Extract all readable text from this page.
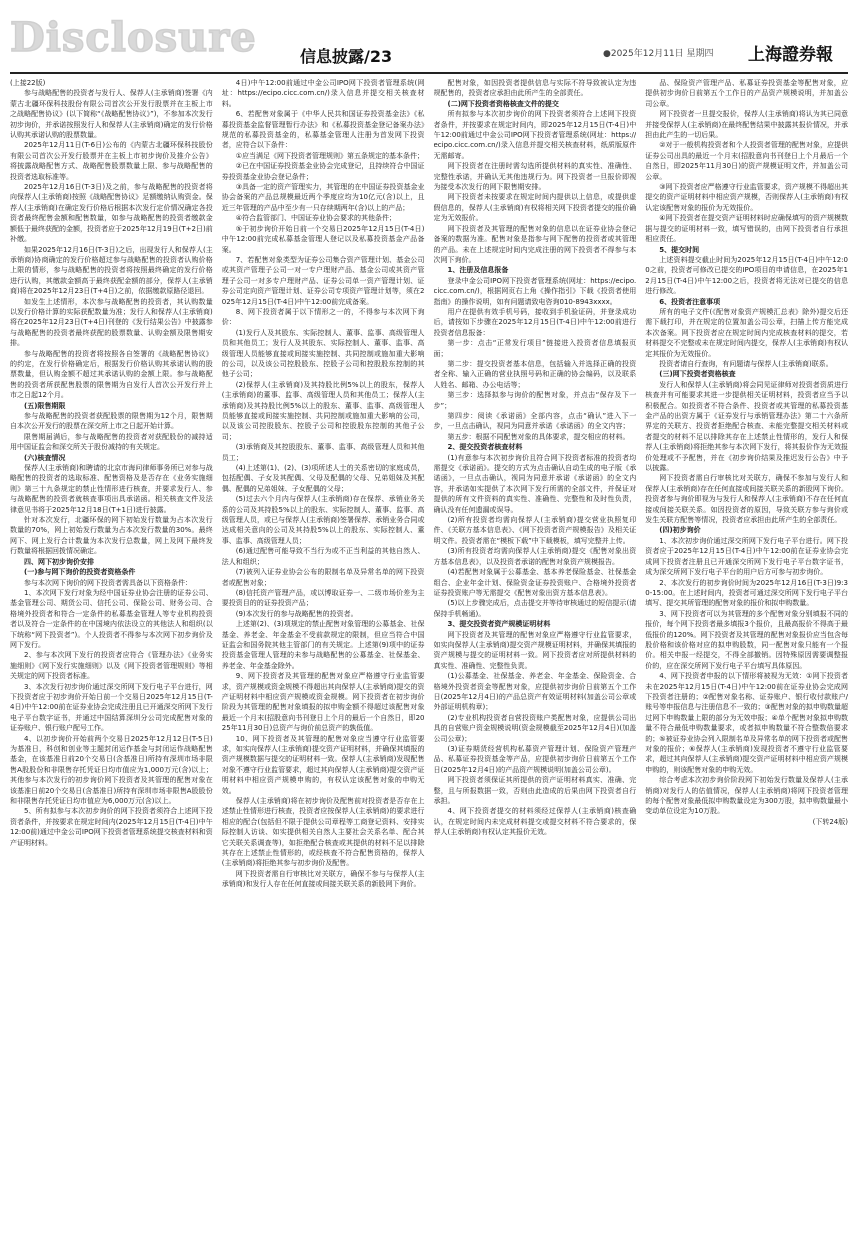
Disclosure	信息披露/23	●2025年12月11日 星期四 上海證券報

(上接22版)

参与战略配售的投资者与发行人、保荐人(主承销商)签署《内蒙古北疆环保科技股份有限公司首次公开发行股票并在主板上市之战略配售协议》(以下简称“《战略配售协议》”)，不参加本次发行初步询价，并承诺按照发行人和保荐人(主承销商)确定的发行价格认购其承诺认购的股票数量。

2025年12月11日(T-6日)公布的《内蒙古北疆环保科技股份有限公司首次公开发行股票并在主板上市初步询价及推介公告》将披露战略配售方式、战略配售股票数量上限、参与战略配售的投资者选取标准等。

2025年12月16日(T-3日)及之前，参与战略配售的投资者将向保荐人(主承销商)按照《战略配售协议》足额缴纳认购资金。保荐人(主承销商)在确定发行价格后根据本次发行定价情况确定各投资者最终配售金额和配售数量，如参与战略配售的投资者缴款金额低于最终获配的金额，投资者应于2025年12月19日(T+2日)前补缴。

如果2025年12月16日(T-3日)之后，出现发行人和保荐人(主承销商)协商确定的发行价格超过参与战略配售的投资者认购价格上限的情形，参与战略配售的投资者将按照最终确定的发行价格进行认购，其缴款金额高于最终获配金额的部分，保荐人(主承销商)将在2025年12月23日(T+4日)之前，依据缴款原路径退回。

如发生上述情形，本次参与战略配售的投资者，其认购数量以发行价格计算的实际获配数量为准；发行人和保荐人(主承销商)将在2025年12月23日(T+4日)刊登的《发行结果公告》中披露参与战略配售的投资者最终获配的股票数量、认购金额及限售期安排。

参与战略配售的投资者将按照各自签署的《战略配售协议》的约定，在发行价格确定后，根据发行价格认购其承诺认购的股票数量，但认购金额不超过其承诺认购的金额上限。参与战略配售的投资者所获配售股票的限售期为自发行人首次公开发行并上市之日起12个月。

(五)限售期限

参与战略配售的投资者获配股票的限售期为12个月，限售期自本次公开发行的股票在深交所上市之日起开始计算。

限售期届满后，参与战略配售的投资者对获配股份的减持适用中国证监会和深交所关于股份减持的有关规定。

(六)核查情况

保荐人(主承销商)和聘请的北京市海问律师事务所已对参与战略配售的投资者的选取标准、配售资格及是否存在《业务实施细则》第三十九条规定的禁止性情形进行核查，并要求发行人、参与战略配售的投资者就核查事项出具承诺函。相关核查文件及法律意见书将于2025年12月18日(T+1日)进行披露。

针对本次发行，北疆环保的网下初始发行数量为占本次发行数量的70%，网上初始发行数量为占本次发行数量的30%。最终网下、网上发行合计数量为本次发行总数量，网上及网下最终发行数量将根据回拨情况确定。

四、网下初步询价安排

(一)参与网下询价的投资者资格条件

参与本次网下询价的网下投资者需具备以下资格条件：

1、本次网下发行对象为经中国证券业协会注册的证券公司、基金管理公司、期货公司、信托公司、保险公司、财务公司、合格境外投资者和符合一定条件的私募基金管理人等专业机构投资者以及符合一定条件的在中国境内依法设立的其他法人和组织(以下统称“网下投资者”)。个人投资者不得参与本次网下初步询价及网下发行。

2、参与本次网下发行的投资者应符合《管理办法》《业务实施细则》《网下发行实施细则》以及《网下投资者管理规则》等相关规定的网下投资者标准。

3、本次发行初步询价通过深交所网下发行电子平台进行，网下投资者应于初步询价开始日前一个交易日2025年12月15日(T-4日)中午12:00前在证券业协会完成注册且已开通深交所网下发行电子平台数字证书，并通过中国结算深圳分公司完成配售对象的证券账户、银行账户配号工作。

4、以初步询价开始前两个交易日2025年12月12日(T-5日)为基准日，科创和创业等主题封闭运作基金与封闭运作战略配售基金，在该基准日前20个交易日(含基准日)所持有深圳市场非限售A股股份和非限售存托凭证日均市值应为1,000万元(含)以上；其他参与本次发行的初步询价网下投资者及其管理的配售对象在该基准日前20个交易日(含基准日)所持有深圳市场非限售A股股份和非限售存托凭证日均市值应为6,000万元(含)以上。

5、所有拟参与本次初步询价的网下投资者须符合上述网下投资者条件，并按要求在规定时间内(2025年12月15日(T-4日)中午12:00前)通过中金公司IPO网下投资者管理系统提交核查材料和资产证明材料。

4日)中午12:00前通过中金公司IPO网下投资者管理系统(网址：https://ecipo.cicc.com.cn/)录入信息并提交相关核查材料。

6、若配售对象属于《中华人民共和国证券投资基金法》《私募投资基金监督管理暂行办法》和《私募投资基金登记备案办法》规范的私募投资基金的，私募基金管理人注册为首发网下投资者，应符合以下条件：

①应当满足《网下投资者管理规则》第五条规定的基本条件；

②已在中国证券投资基金业协会完成登记，且持续符合中国证券投资基金业协会登记条件；

③具备一定的资产管理实力，其管理的在中国证券投资基金业协会备案的产品总规模最近两个季度应均为10亿元(含)以上，且近三年管理的产品中至少有一只存续期两年(含)以上的产品；

④符合监管部门、中国证券业协会要求的其他条件；

⑤于初步询价开始日前一个交易日2025年12月15日(T-4日)中午12:00前完成私募基金管理人登记以及私募投资基金产品备案。

7、若配售对象类型为证券公司集合资产管理计划、基金公司或其资产管理子公司一对一专户理财产品、基金公司或其资产管理子公司一对多专户理财产品、证券公司单一资产管理计划、证券公司定向资产管理计划、证券公司专项资产管理计划等，须在2025年12月15日(T-4日)中午12:00前完成备案。

8、网下投资者属于以下情形之一的，不得参与本次网下询价：

(1)发行人及其股东、实际控制人、董事、监事、高级管理人员和其他员工；发行人及其股东、实际控制人、董事、监事、高级管理人员能够直接或间接实施控制、共同控制或施加重大影响的公司，以及该公司控股股东、控股子公司和控股股东控制的其他子公司；

(2)保荐人(主承销商)及其持股比例5%以上的股东，保荐人(主承销商)的董事、监事、高级管理人员和其他员工；保荐人(主承销商)及其持股比例5%以上的股东、董事、监事、高级管理人员能够直接或间接实施控制、共同控制或施加重大影响的公司，以及该公司控股股东、控股子公司和控股股东控制的其他子公司；

(3)承销商及其控股股东、董事、监事、高级管理人员和其他员工；

(4)上述第(1)、(2)、(3)项所述人士的关系密切的家庭成员，包括配偶、子女及其配偶、父母及配偶的父母、兄弟姐妹及其配偶、配偶的兄弟姐妹、子女配偶的父母；

(5)过去六个月内与保荐人(主承销商)存在保荐、承销业务关系的公司及其持股5%以上的股东、实际控制人、董事、监事、高级管理人员，或已与保荐人(主承销商)签署保荐、承销业务合同或达成相关意向的公司及其持股5%以上的股东、实际控制人、董事、监事、高级管理人员；

(6)通过配售可能导致不当行为或不正当利益的其他自然人、法人和组织；

(7)被列入证券业协会公布的限制名单及异常名单的网下投资者或配售对象；

(8)信托资产管理产品，或以博取证券一、二级市场价差为主要投资目的的证券投资产品；

(9)本次发行的参与战略配售的投资者。

上述第(2)、(3)项规定的禁止配售对象管理的公募基金、社保基金、养老金、年金基金不受前款规定的限制，但应当符合中国证监会和国务院其他主管部门的有关规定。上述第(9)项中的证券投资基金管理人管理的未参与战略配售的公募基金、社保基金、养老金、年金基金除外。

9、网下投资者及其管理的配售对象应严格遵守行业监管要求，资产规模或资金规模不得超出其向保荐人(主承销商)提交的资产证明材料中相应资产规模或资金规模。网下投资者在初步询价阶段为其管理的配售对象填报的拟申购金额不得超过该配售对象最近一个月末(招股意向书刊登日上个月的最后一个自然日，即2025年11月30日)总资产与询价前总资产的孰低值。

10、网下投资者及其管理的配售对象应当遵守行业监管要求，如实向保荐人(主承销商)提交资产证明材料，并确保其填报的资产规模数据与提交的证明材料一致。保荐人(主承销商)发现配售对象不遵守行业监管要求，超过其向保荐人(主承销商)提交资产证明材料中相应资产规模申购的，有权认定该配售对象的申购无效。

保荐人(主承销商)将在初步询价及配售前对投资者是否存在上述禁止性情形进行核查，投资者应按保荐人(主承销商)的要求进行相应的配合(包括但不限于提供公司章程等工商登记资料、安排实际控制人访谈、如实提供相关自然人主要社会关系名单、配合其它关联关系调查等)，如拒绝配合核查或其提供的材料不足以排除其存在上述禁止性情形的，或经核查不符合配售资格的，保荐人(主承销商)将拒绝其参与初步询价及配售。

网下投资者需自行审核比对关联方，确保不参与与保荐人(主承销商)和发行人存在任何直接或间接关联关系的新股网下询价。

配售对象，如因投资者提供信息与实际不符导致被认定为违规配售的，投资者应承担由此所产生的全部责任。

(二)网下投资者资格核查文件的提交

所有拟参与本次初步询价的网下投资者须符合上述网下投资者条件，并按要求在规定时间内，即2025年12月15日(T-4日)中午12:00前通过中金公司IPO网下投资者管理系统(网址：https://ecipo.cicc.com.cn/)录入信息并提交相关核查材料，纸质版原件无需邮寄。

网下投资者在注册时需勾选所提供材料的真实性、准确性、完整性承诺，并确认无其他违规行为。网下投资者一旦报价即视为接受本次发行的网下限售期安排。

网下投资者未按要求在规定时间内提供以上信息，或提供虚假信息的，保荐人(主承销商)有权将相关网下投资者提交的报价确定为无效报价。

网下投资者及其管理的配售对象的信息以在证券业协会登记备案的数据为准。配售对象是指参与网下配售的投资者或其管理的产品。未在上述规定时间内完成注册的网下投资者不得参与本次网下询价。

1、注册及信息报备

登录中金公司IPO网下投资者管理系统(网址：https://ecipo.cicc.com.cn/)，根据网页右上角《操作指引》下载《投资者使用指南》的操作说明，如有问题请致电咨询010-8943xxxx。

用户在提供有效手机号码，接收到手机验证码，并登录成功后，请按如下步骤在2025年12月15日(T-4日)中午12:00前进行投资者信息报备：

第一步：点击“正常发行项目”链接进入投资者信息填报页面；

第二步：提交投资者基本信息，包括输入并选择正确的投资者全称、输入正确的营业执照号码和正确的协会编码，以及联系人姓名、邮箱、办公电话等；

第三步：选择拟参与询价的配售对象，并点击“保存及下一步”；

第四步：阅读《承诺函》全部内容，点击“确认”进入下一步，一旦点击确认，视同为同意并承诺《承诺函》的全文内容；

第五步：根据不同配售对象的具体要求，提交相应的材料。

2、提交投资者核查材料

(1)有意参与本次初步询价且符合网下投资者标准的投资者均需提交《承诺函》。提交的方式为点击确认自动生成的电子版《承诺函》，一旦点击确认，视同为同意并承诺《承诺函》的全文内容，并承诺如实提供了本次网下发行所需的全部文件，并保证对提供的所有文件资料的真实性、准确性、完整性和及时性负责，确认没有任何遗漏或误导。

(2)所有投资者均需向保荐人(主承销商)提交营业执照复印件、《关联方基本信息表》、《网下投资者资产规模报告》及相关证明文件。投资者需在“模板下载”中下载模板，填写完整并上传。

(3)所有投资者均需向保荐人(主承销商)提交《配售对象出资方基本信息表》，以及投资者承诺的配售对象资产规模报告。

(4)若配售对象属于公募基金、基本养老保险基金、社保基金组合、企业年金计划、保险资金证券投资账户、合格境外投资者证券投资账户等无需提交《配售对象出资方基本信息表》。

(5)以上步骤完成后，点击提交并等待审核通过的短信提示(请保持手机畅通)。

3、提交投资者资产规模证明材料

网下投资者及其管理的配售对象应严格遵守行业监管要求，如实向保荐人(主承销商)提交资产规模证明材料，并确保其填报的资产规模与提交的证明材料一致。网下投资者应对所提供材料的真实性、准确性、完整性负责。

(1)公募基金、社保基金、养老金、年金基金、保险资金、合格境外投资者资金等配售对象，应提供初步询价日前第五个工作日(2025年12月4日)的产品总资产有效证明材料(加盖公司公章或外部证明机构章)；

(2)专业机构投资者自营投资账户类配售对象，应提供公司出具的自营账户资金规模说明(资金规模截至2025年12月4日)(加盖公司公章)；

(3)证券期货经营机构私募资产管理计划、保险资产管理产品、私募证券投资基金等产品，应提供初步询价日前第五个工作日(2025年12月4日)的产品资产规模说明(加盖公司公章)。

网下投资者须保证其所提供的资产证明材料真实、准确、完整，且与所报数据一致，否则由此造成的后果由网下投资者自行承担。

4、网下投资者提交的材料须经过保荐人(主承销商)核查确认，在规定时间内未完成材料提交或提交材料不符合要求的，保荐人(主承销商)有权认定其报价无效。

品、保险资产管理产品、私募证券投资基金等配售对象，应提供初步询价日前第五个工作日的产品资产规模说明，并加盖公司公章。

网下投资者一旦提交报价，保荐人(主承销商)将认为其已同意并接受保荐人(主承销商)在最终配售结果中披露其报价情况，并承担由此产生的一切后果。

②对于一般机构投资者和个人投资者管理的配售对象，应提供证券公司出具的最近一个月末(招股意向书刊登日上个月最后一个自然日，即2025年11月30日)的资产规模证明文件，并加盖公司公章。

③网下投资者应严格遵守行业监管要求，资产规模不得超出其提交的资产证明材料中相应资产规模，否则保荐人(主承销商)有权认定该配售对象的报价为无效报价。

④网下投资者在提交资产证明材料时应确保填写的资产规模数据与提交的证明材料一致，填写错误的，由网下投资者自行承担相应责任。

5、提交时间

上述资料提交截止时间为2025年12月15日(T-4日)中午12:00之前，投资者可修改已提交的IPO项目的申请信息，在2025年12月15日(T-4日)中午12:00之后，投资者将无法对已提交的信息进行修改。

6、投资者注意事项

所有的电子文件(《配售对象资产规模汇总表》除外)提交后还需下载打印，并在规定的位置加盖公司公章，扫描上传方能完成本次备案。网下投资者应在规定时间内完成核查材料的提交，若材料提交不完整或未在规定时间内提交，保荐人(主承销商)有权认定其报价为无效报价。

投资者请自行查询，有问题请与保荐人(主承销商)联系。

(三)网下投资者资格核查

发行人和保荐人(主承销商)将会同见证律师对投资者资质进行核查并有可能要求其进一步提供相关证明材料，投资者应当予以积极配合。如投资者不符合条件、投资者或其管理的私募投资基金产品的出资方属于《证券发行与承销管理办法》第二十六条所界定的关联方、投资者拒绝配合核查、未能完整提交相关材料或者提交的材料不足以排除其存在上述禁止性情形的，发行人和保荐人(主承销商)将拒绝其参与本次网下发行，将其报价作为无效报价处理或不予配售，并在《初步询价结果及推迟发行公告》中予以披露。

网下投资者需自行审核比对关联方，确保不参加与发行人和保荐人(主承销商)存在任何直接或间接关联关系的新股网下询价。投资者参与询价即视为与发行人和保荐人(主承销商)不存在任何直接或间接关联关系。如因投资者的原因，导致关联方参与询价或发生关联方配售等情况，投资者应承担由此所产生的全部责任。

(四)初步询价

1、本次初步询价通过深交所网下发行电子平台进行。网下投资者应于2025年12月15日(T-4日)中午12:00前在证券业协会完成网下投资者注册且已开通深交所网下发行电子平台数字证书，成为深交所网下发行电子平台的用户后方可参与初步询价。

2、本次发行的初步询价时间为2025年12月16日(T-3日)9:30-15:00。在上述时间内，投资者可通过深交所网下发行电子平台填写、提交其所管理的配售对象的报价和拟申购数量。

3、网下投资者可以为其管理的多个配售对象分别填报不同的报价，每个网下投资者最多填报3个报价，且最高报价不得高于最低报价的120%。网下投资者及其管理的配售对象报价应当包含每股价格和该价格对应的拟申购股数，同一配售对象只能有一个报价。相关申报一经提交，不得全部撤销。因特殊原因需要调整报价的，应在深交所网下发行电子平台填写具体原因。

4、网下投资者申报的以下情形将被视为无效：①网下投资者未在2025年12月15日(T-4日)中午12:00前在证券业协会完成网下投资者注册的；②配售对象名称、证券账户、银行收付款账户/账号等申报信息与注册信息不一致的；③配售对象的拟申购数量超过网下申购数量上限的部分为无效申报；④单个配售对象拟申购数量不符合最低申购数量要求，或者拟申购数量不符合整数倍要求的；⑤被证券业协会列入限制名单及异常名单的网下投资者或配售对象的报价；⑥保荐人(主承销商)发现投资者不遵守行业监管要求，超过其向保荐人(主承销商)提交资产证明材料中相应资产规模申购的，则该配售对象的申购无效。

综合考虑本次初步询价阶段网下初始发行数量及保荐人(主承销商)对发行人的估值情况，保荐人(主承销商)将网下投资者管理的每个配售对象最低拟申购数量设定为300万股，拟申购数量最小变动单位设定为10万股。

(下转24版)
